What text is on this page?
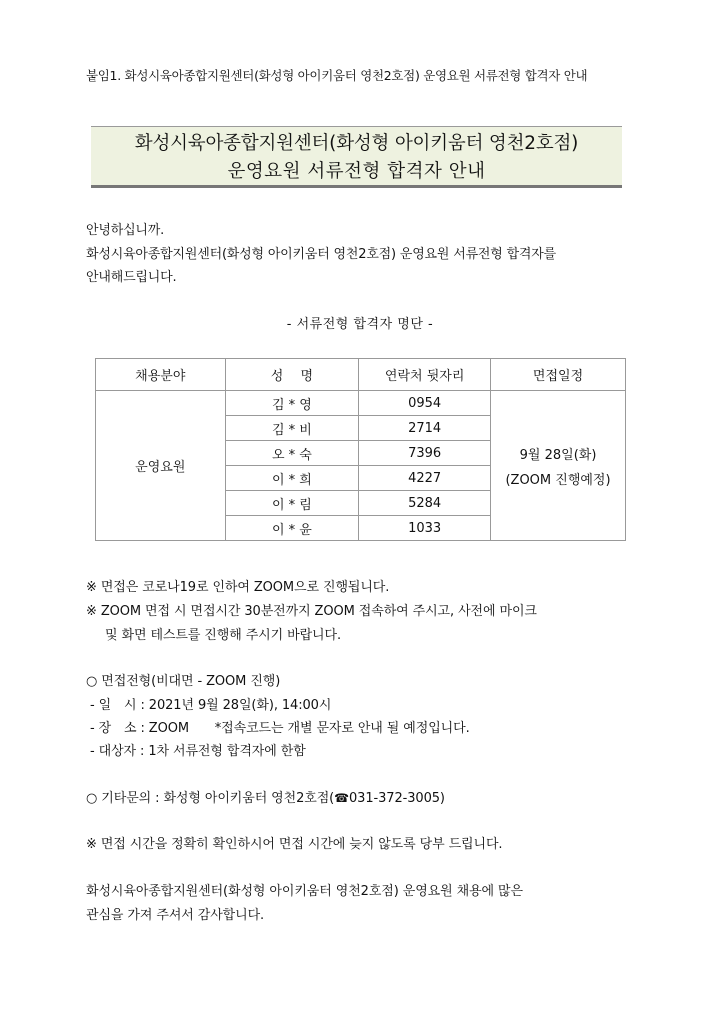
붙임1. 화성시육아종합지원센터(화성형 아이키움터 영천2호점) 운영요원 서류전형 합격자 안내
화성시육아종합지원센터(화성형 아이키움터 영천2호점)
운영요원 서류전형 합격자 안내
안녕하십니까.
화성시육아종합지원센터(화성형 아이키움터 영천2호점) 운영요원 서류전형 합격자를
안내해드립니다.
- 서류전형 합격자 명단 -
채용분야	성　 명	연락처 뒷자리	면접일정
운영요원	김 * 영	0954	9월 28일(화)
(ZOOM 진행예정)

	김 * 비	2714	
	오 * 숙	7396	
	이 * 희	4227	
	이 * 림	5284	
	이 * 윤	1033	
※ 면접은 코로나19로 인하여 ZOOM으로 진행됩니다.
※ ZOOM 면접 시 면접시간 30분전까지 ZOOM 접속하여 주시고, 사전에 마이크
및 화면 테스트를 진행해 주시기 바랍니다.
○ 면접전형(비대면 - ZOOM 진행)
- 일　시 : 2021년 9월 28일(화), 14:00시
- 장　소 : ZOOM　　*접속코드는 개별 문자로 안내 될 예정입니다.
- 대상자 : 1차 서류전형 합격자에 한함
○ 기타문의 : 화성형 아이키움터 영천2호점(☎031-372-3005)
※ 면접 시간을 정확히 확인하시어 면접 시간에 늦지 않도록 당부 드립니다.
화성시육아종합지원센터(화성형 아이키움터 영천2호점) 운영요원 채용에 많은
관심을 가져 주셔서 감사합니다.
